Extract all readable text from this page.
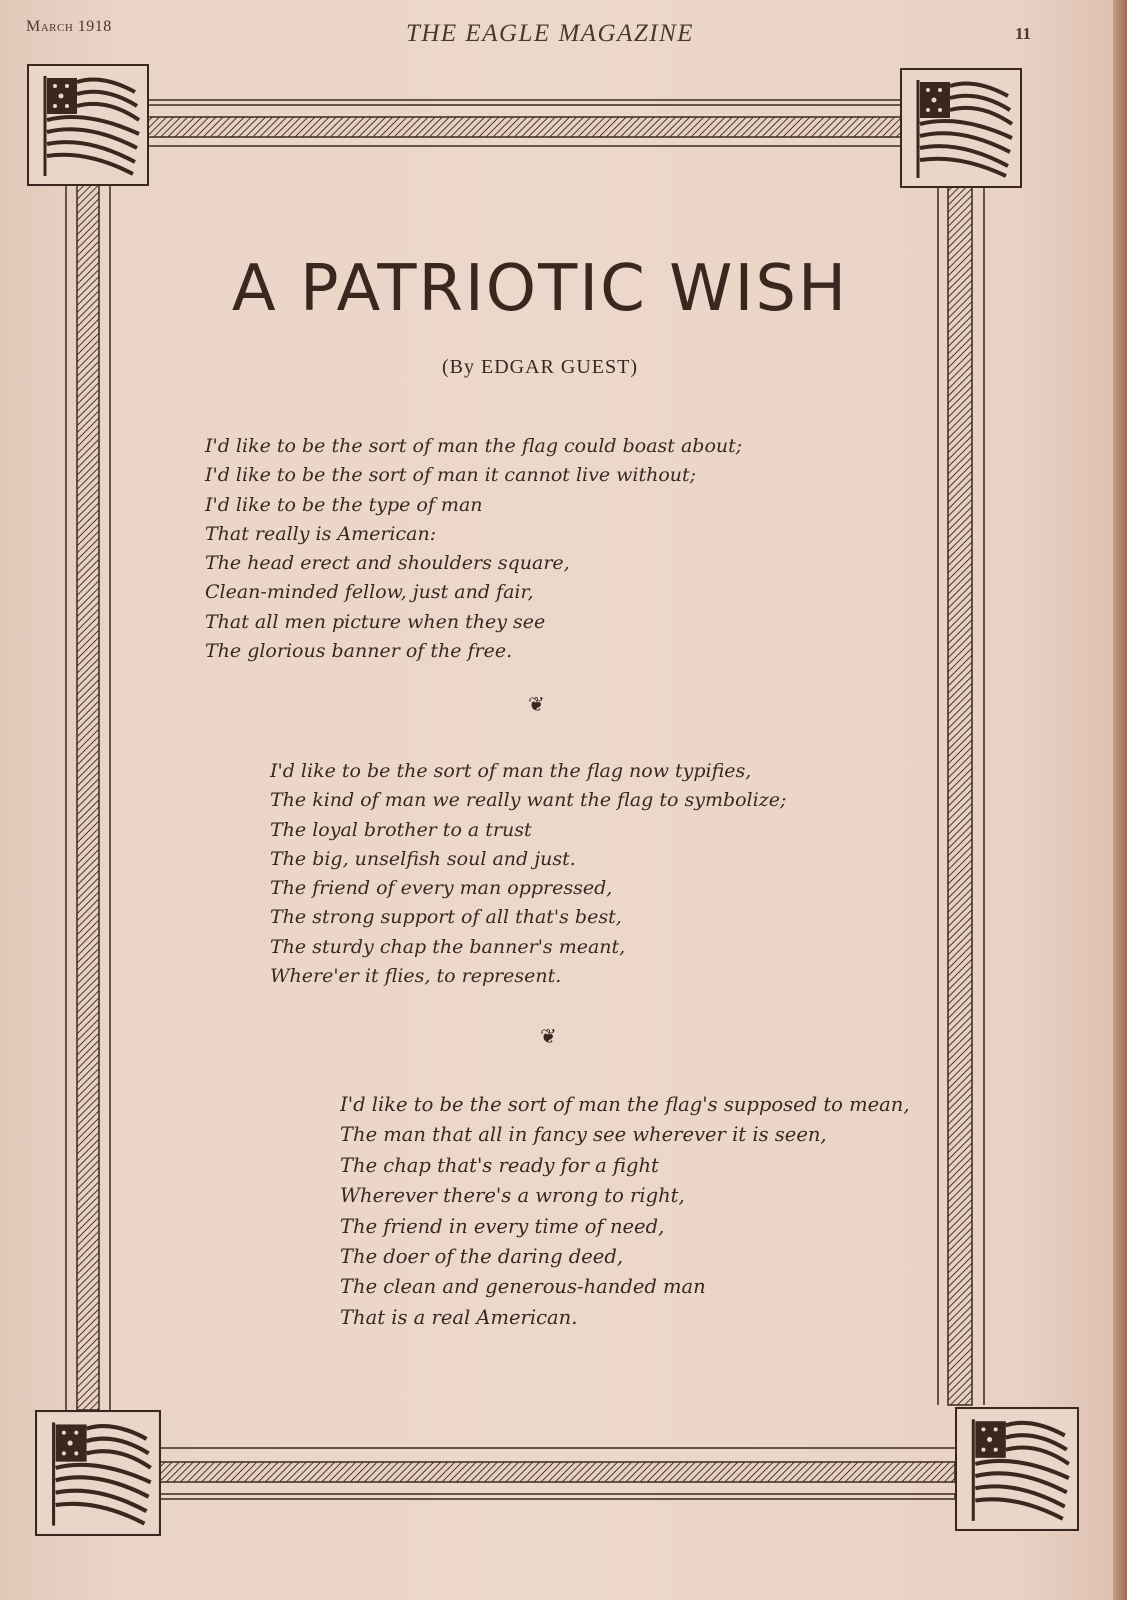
March 1918	THE EAGLE MAGAZINE	11
A PATRIOTIC WISH
(By EDGAR GUEST)
I'd like to be the sort of man the flag could boast about;
I'd like to be the sort of man it cannot live without;
I'd like to be the type of man
That really is American:
The head erect and shoulders square,
Clean-minded fellow, just and fair,
That all men picture when they see
The glorious banner of the free.
❦
I'd like to be the sort of man the flag now typifies,
The kind of man we really want the flag to symbolize;
The loyal brother to a trust
The big, unselfish soul and just.
The friend of every man oppressed,
The strong support of all that's best,
The sturdy chap the banner's meant,
Where'er it flies, to represent.
❦
I'd like to be the sort of man the flag's supposed to mean,
The man that all in fancy see wherever it is seen,
The chap that's ready for a fight
Wherever there's a wrong to right,
The friend in every time of need,
The doer of the daring deed,
The clean and generous-handed man
That is a real American.
